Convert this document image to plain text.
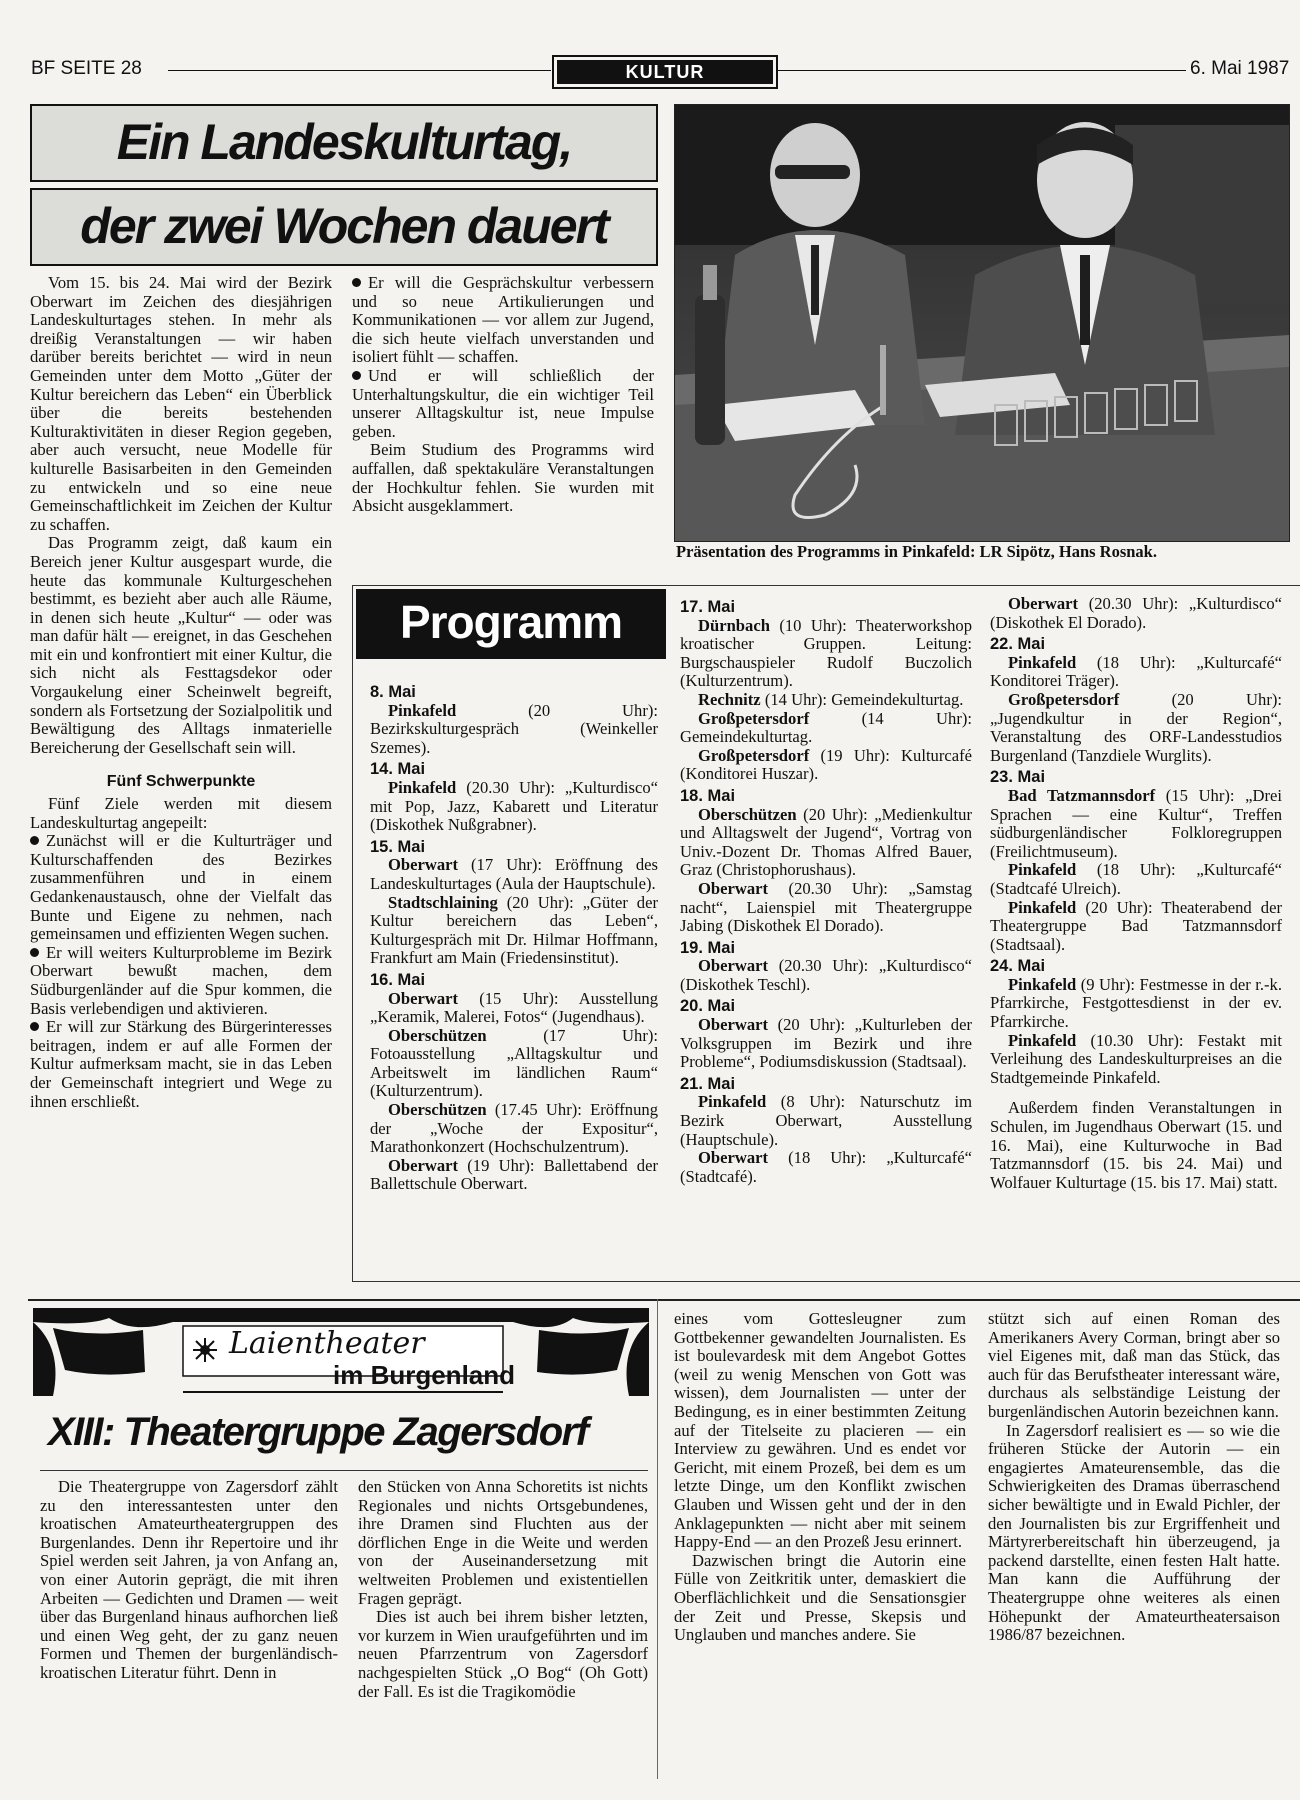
BF SEITE 28	KULTUR	6. Mai 1987
Ein Landeskulturtag,
der zwei Wochen dauert

Vom 15. bis 24. Mai wird der Bezirk Oberwart im Zeichen des diesjährigen Landeskulturtages stehen. In mehr als dreißig Veranstaltungen — wir haben darüber bereits berichtet — wird in neun Gemeinden unter dem Motto „Güter der Kultur bereichern das Leben“ ein Überblick über die bereits bestehenden Kulturaktivitäten in dieser Region gegeben, aber auch versucht, neue Modelle für kulturelle Basisarbeiten in den Gemeinden zu entwickeln und so eine neue Gemeinschaftlichkeit im Zeichen der Kultur zu schaffen.

Das Programm zeigt, daß kaum ein Bereich jener Kultur ausgespart wurde, die heute das kommunale Kulturgeschehen bestimmt, es bezieht aber auch alle Räume, in denen sich heute „Kultur“ — oder was man dafür hält — ereignet, in das Geschehen mit ein und konfrontiert mit einer Kultur, die sich nicht als Festtagsdekor oder Vorgaukelung einer Scheinwelt begreift, sondern als Fortsetzung der Sozialpolitik und Bewältigung des Alltags inmaterielle Bereicherung der Gesellschaft sein will.

Fünf Schwerpunkte

Fünf Ziele werden mit diesem Landeskulturtag angepeilt:

Zunächst will er die Kulturträger und Kulturschaffenden des Bezirkes zusammenführen und in einem Gedankenaustausch, ohne der Vielfalt das Bunte und Eigene zu nehmen, nach gemeinsamen und effizienten Wegen suchen.

Er will weiters Kulturprobleme im Bezirk Oberwart bewußt machen, dem Südburgenländer auf die Spur kommen, die Basis verlebendigen und aktivieren.

Er will zur Stärkung des Bürgerinteresses beitragen, indem er auf alle Formen der Kultur aufmerksam macht, sie in das Leben der Gemeinschaft integriert und Wege zu ihnen erschließt.

Er will die Gesprächskultur verbessern und so neue Artikulierungen und Kommunikationen — vor allem zur Jugend, die sich heute vielfach unverstanden und isoliert fühlt — schaffen.

Und er will schließlich der Unterhaltungskultur, die ein wichtiger Teil unserer Alltagskultur ist, neue Impulse geben.

Beim Studium des Programms wird auffallen, daß spektakuläre Veranstaltungen der Hochkultur fehlen. Sie wurden mit Absicht ausgeklammert.

Präsentation des Programms in Pinkafeld: LR Sipötz, Hans Rosnak.
Programm
8. Mai

Pinkafeld (20 Uhr): Bezirkskulturgespräch (Weinkeller Szemes).

14. Mai

Pinkafeld (20.30 Uhr): „Kulturdisco“ mit Pop, Jazz, Kabarett und Literatur (Diskothek Nußgrabner).

15. Mai

Oberwart (17 Uhr): Eröffnung des Landeskulturtages (Aula der Hauptschule).

Stadtschlaining (20 Uhr): „Güter der Kultur bereichern das Leben“, Kulturgespräch mit Dr. Hilmar Hoffmann, Frankfurt am Main (Friedensinstitut).

16. Mai

Oberwart (15 Uhr): Ausstellung „Keramik, Malerei, Fotos“ (Jugendhaus).

Oberschützen (17 Uhr): Fotoausstellung „Alltagskultur und Arbeitswelt im ländlichen Raum“ (Kulturzentrum).

Oberschützen (17.45 Uhr): Eröffnung der „Woche der Expositur“, Marathonkonzert (Hochschulzentrum).

Oberwart (19 Uhr): Ballettabend der Ballettschule Oberwart.

17. Mai

Dürnbach (10 Uhr): Theaterworkshop kroatischer Gruppen. Leitung: Burgschauspieler Rudolf Buczolich (Kulturzentrum).

Rechnitz (14 Uhr): Gemeindekulturtag.

Großpetersdorf (14 Uhr): Gemeindekulturtag.

Großpetersdorf (19 Uhr): Kulturcafé (Konditorei Huszar).

18. Mai

Oberschützen (20 Uhr): „Medienkultur und Alltagswelt der Jugend“, Vortrag von Univ.-Dozent Dr. Thomas Alfred Bauer, Graz (Christophorushaus).

Oberwart (20.30 Uhr): „Samstag nacht“, Laienspiel mit Theatergruppe Jabing (Diskothek El Dorado).

19. Mai

Oberwart (20.30 Uhr): „Kulturdisco“ (Diskothek Teschl).

20. Mai

Oberwart (20 Uhr): „Kulturleben der Volksgruppen im Bezirk und ihre Probleme“, Podiumsdiskussion (Stadtsaal).

21. Mai

Pinkafeld (8 Uhr): Naturschutz im Bezirk Oberwart, Ausstellung (Hauptschule).

Oberwart (18 Uhr): „Kulturcafé“ (Stadtcafé).

Oberwart (20.30 Uhr): „Kulturdisco“ (Diskothek El Dorado).

22. Mai

Pinkafeld (18 Uhr): „Kulturcafé“ Konditorei Träger).

Großpetersdorf (20 Uhr): „Jugendkultur in der Region“, Veranstaltung des ORF-Landesstudios Burgenland (Tanzdiele Wurglits).

23. Mai

Bad Tatzmannsdorf (15 Uhr): „Drei Sprachen — eine Kultur“, Treffen südburgenländischer Folkloregruppen (Freilichtmuseum).

Pinkafeld (18 Uhr): „Kulturcafé“ (Stadtcafé Ulreich).

Pinkafeld (20 Uhr): Theaterabend der Theatergruppe Bad Tatzmannsdorf (Stadtsaal).

24. Mai

Pinkafeld (9 Uhr): Festmesse in der r.-k. Pfarrkirche, Festgottesdienst in der ev. Pfarrkirche.

Pinkafeld (10.30 Uhr): Festakt mit Verleihung des Landeskulturpreises an die Stadtgemeinde Pinkafeld.

Außerdem finden Veranstaltungen in Schulen, im Jugendhaus Oberwart (15. und 16. Mai), eine Kulturwoche in Bad Tatzmannsdorf (15. bis 24. Mai) und Wolfauer Kulturtage (15. bis 17. Mai) statt.

Laientheater
im Burgenland
XIII: Theatergruppe Zagersdorf

Die Theatergruppe von Zagersdorf zählt zu den interessantesten unter den kroatischen Amateurtheatergruppen des Burgenlandes. Denn ihr Repertoire und ihr Spiel werden seit Jahren, ja von Anfang an, von einer Autorin geprägt, die mit ihren Arbeiten — Gedichten und Dramen — weit über das Burgenland hinaus aufhorchen ließ und einen Weg geht, der zu ganz neuen Formen und Themen der burgenländisch-kroatischen Literatur führt. Denn in

den Stücken von Anna Schoretits ist nichts Regionales und nichts Ortsgebundenes, ihre Dramen sind Fluchten aus der dörflichen Enge in die Weite und werden von der Auseinandersetzung mit weltweiten Problemen und existentiellen Fragen geprägt.

Dies ist auch bei ihrem bisher letzten, vor kurzem in Wien uraufgeführten und im neuen Pfarrzentrum von Zagersdorf nachgespielten Stück „O Bog“ (Oh Gott) der Fall. Es ist die Tragikomödie

eines vom Gottesleugner zum Gottbekenner gewandelten Journalisten. Es ist boulevardesk mit dem Angebot Gottes (weil zu wenig Menschen von Gott was wissen), dem Journalisten — unter der Bedingung, es in einer bestimmten Zeitung auf der Titelseite zu placieren — ein Interview zu gewähren. Und es endet vor Gericht, mit einem Prozeß, bei dem es um letzte Dinge, um den Konflikt zwischen Glauben und Wissen geht und der in den Anklagepunkten — nicht aber mit seinem Happy-End — an den Prozeß Jesu erinnert.

Dazwischen bringt die Autorin eine Fülle von Zeitkritik unter, demaskiert die Oberflächlichkeit und die Sensationsgier der Zeit und Presse, Skepsis und Unglauben und manches andere. Sie

stützt sich auf einen Roman des Amerikaners Avery Corman, bringt aber so viel Eigenes mit, daß man das Stück, das auch für das Berufstheater interessant wäre, durchaus als selbständige Leistung der burgenländischen Autorin bezeichnen kann.

In Zagersdorf realisiert es — so wie die früheren Stücke der Autorin — ein engagiertes Amateurensemble, das die Schwierigkeiten des Dramas überraschend sicher bewältigte und in Ewald Pichler, der den Journalisten bis zur Ergriffenheit und Märtyrerbereitschaft hin überzeugend, ja packend darstellte, einen festen Halt hatte. Man kann die Aufführung der Theatergruppe ohne weiteres als einen Höhepunkt der Amateurtheatersaison 1986/87 bezeichnen.
